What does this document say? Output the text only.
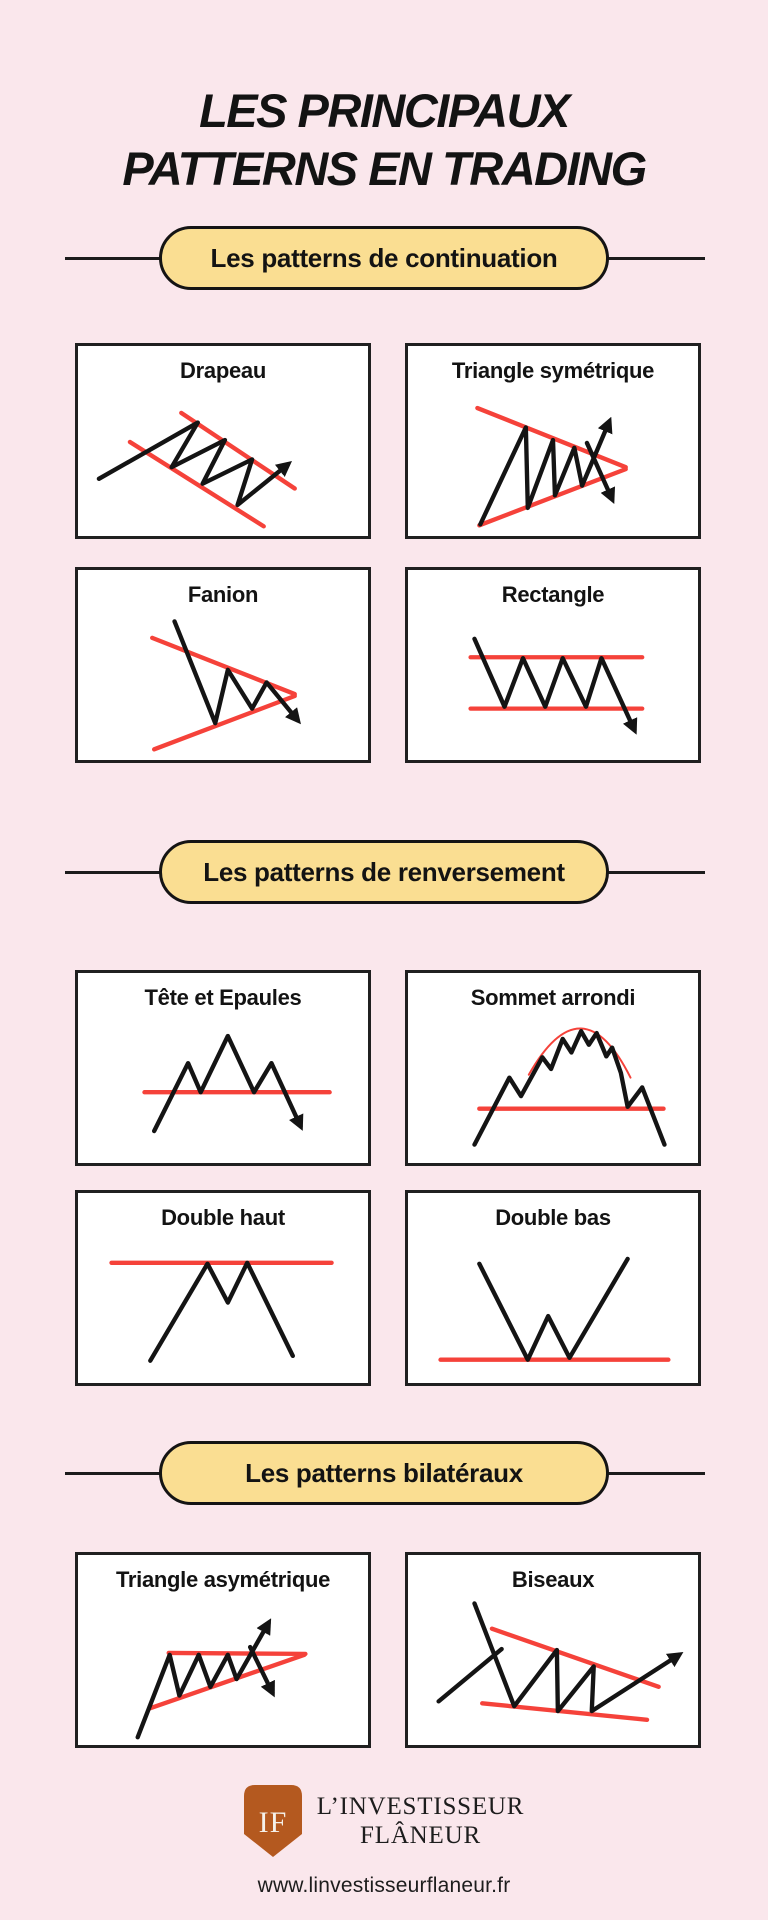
LES PRINCIPAUX
PATTERNS EN TRADING
Les patterns de continuation
Drapeau	Triangle symétrique
Fanion	Rectangle
Les patterns de renversement
Tête et Epaules	Sommet arrondi
Double haut	Double bas
Les patterns bilatéraux
Triangle asymétrique	Biseaux
IF L’INVESTISSEUR
FLÂNEUR
www.linvestisseurflaneur.fr
